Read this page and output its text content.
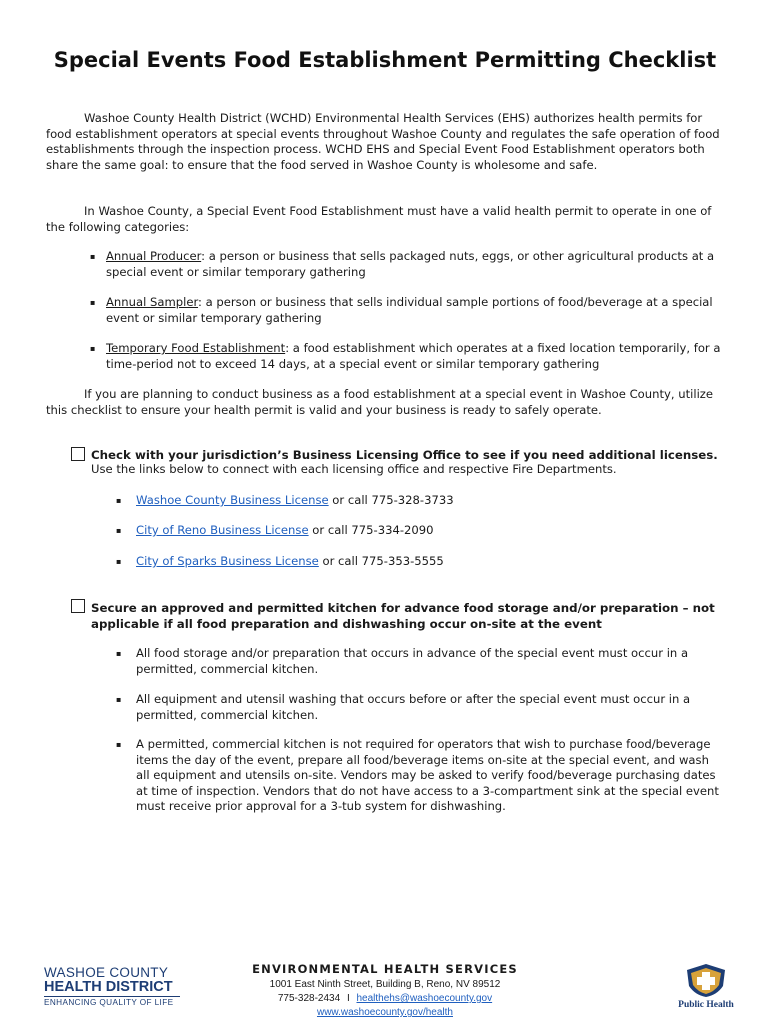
Special Events Food Establishment Permitting Checklist
Washoe County Health District (WCHD) Environmental Health Services (EHS) authorizes health permits for food establishment operators at special events throughout Washoe County and regulates the safe operation of food establishments through the inspection process. WCHD EHS and Special Event Food Establishment operators both share the same goal: to ensure that the food served in Washoe County is wholesome and safe.
In Washoe County, a Special Event Food Establishment must have a valid health permit to operate in one of the following categories:
▪ Annual Producer: a person or business that sells packaged nuts, eggs, or other agricultural products at a special event or similar temporary gathering
▪ Annual Sampler: a person or business that sells individual sample portions of food/beverage at a special event or similar temporary gathering
▪ Temporary Food Establishment: a food establishment which operates at a fixed location temporarily, for a time-period not to exceed 14 days, at a special event or similar temporary gathering
If you are planning to conduct business as a food establishment at a special event in Washoe County, utilize this checklist to ensure your health permit is valid and your business is ready to safely operate.
Check with your jurisdiction’s Business Licensing Office to see if you need additional licenses.
Use the links below to connect with each licensing office and respective Fire Departments.
▪ Washoe County Business License or call 775-328-3733
▪ City of Reno Business License or call 775-334-2090
▪ City of Sparks Business License or call 775-353-5555
Secure an approved and permitted kitchen for advance food storage and/or preparation – not applicable if all food preparation and dishwashing occur on-site at the event
▪ All food storage and/or preparation that occurs in advance of the special event must occur in a permitted, commercial kitchen.
▪ All equipment and utensil washing that occurs before or after the special event must occur in a permitted, commercial kitchen.
▪ A permitted, commercial kitchen is not required for operators that wish to purchase food/beverage items the day of the event, prepare all food/beverage items on-site at the special event, and wash all equipment and utensils on-site. Vendors may be asked to verify food/beverage purchasing dates at time of inspection. Vendors that do not have access to a 3-compartment sink at the special event must receive prior approval for a 3-tub system for dishwashing.
WASHOE COUNTY
HEALTH DISTRICT
ENHANCING QUALITY OF LIFE
ENVIRONMENTAL HEALTH SERVICES
1001 East Ninth Street, Building B, Reno, NV 89512
775-328-2434 I healthehs@washoecounty.gov
www.washoecounty.gov/health
Public Health
